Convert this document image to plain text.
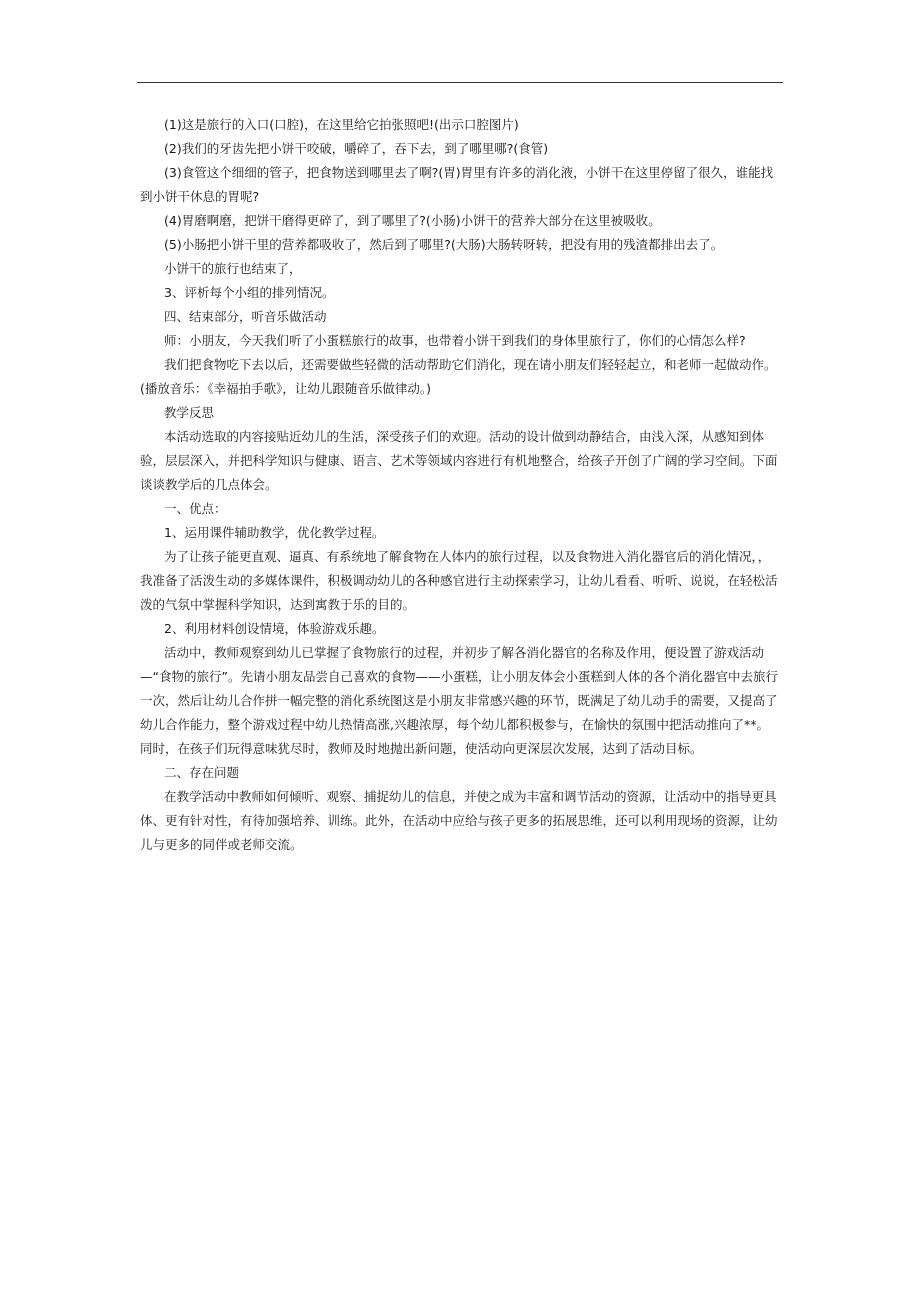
(1)这是旅行的入口(口腔)，在这里给它拍张照吧!(出示口腔图片)

(2)我们的牙齿先把小饼干咬破，嚼碎了，吞下去，到了哪里哪?(食管)

(3)食管这个细细的管子，把食物送到哪里去了啊?(胃)胃里有许多的消化液，小饼干在这里停留了很久，谁能找到小饼干休息的胃呢?

(4)胃磨啊磨，把饼干磨得更碎了，到了哪里了?(小肠)小饼干的营养大部分在这里被吸收。

(5)小肠把小饼干里的营养都吸收了，然后到了哪里?(大肠)大肠转呀转，把没有用的残渣都排出去了。

小饼干的旅行也结束了，

3、评析每个小组的排列情况。

四、结束部分，听音乐做活动

师：小朋友，今天我们听了小蛋糕旅行的故事，也带着小饼干到我们的身体里旅行了，你们的心情怎么样?

我们把食物吃下去以后，还需要做些轻微的活动帮助它们消化，现在请小朋友们轻轻起立，和老师一起做动作。(播放音乐：《幸福拍手歌》，让幼儿跟随音乐做律动。)

教学反思

本活动选取的内容接贴近幼儿的生活，深受孩子们的欢迎。活动的设计做到动静结合，由浅入深，从感知到体验，层层深入，并把科学知识与健康、语言、艺术等领域内容进行有机地整合，给孩子开创了广阔的学习空间。下面谈谈教学后的几点体会。

一、优点：

1、运用课件辅助教学，优化教学过程。

为了让孩子能更直观、逼真、有系统地了解食物在人体内的旅行过程，以及食物进入消化器官后的消化情况，，我准备了活泼生动的多媒体课件，积极调动幼儿的各种感官进行主动探索学习，让幼儿看看、听听、说说，在轻松活泼的气氛中掌握科学知识，达到寓教于乐的目的。

2、利用材料创设情境，体验游戏乐趣。

活动中，教师观察到幼儿已掌握了食物旅行的过程，并初步了解各消化器官的名称及作用，便设置了游戏活动—“食物的旅行”。先请小朋友品尝自己喜欢的食物——小蛋糕，让小朋友体会小蛋糕到人体的各个消化器官中去旅行一次，然后让幼儿合作拼一幅完整的消化系统图这是小朋友非常感兴趣的环节，既满足了幼儿动手的需要，又提高了幼儿合作能力，整个游戏过程中幼儿热情高涨,兴趣浓厚，每个幼儿都积极参与，在愉快的氛围中把活动推向了**。同时，在孩子们玩得意味犹尽时，教师及时地抛出新问题，使活动向更深层次发展，达到了活动目标。

二、存在问题

在教学活动中教师如何倾听、观察、捕捉幼儿的信息，并使之成为丰富和调节活动的资源，让活动中的指导更具体、更有针对性，有待加强培养、训练。此外，在活动中应给与孩子更多的拓展思维，还可以利用现场的资源，让幼儿与更多的同伴或老师交流。
